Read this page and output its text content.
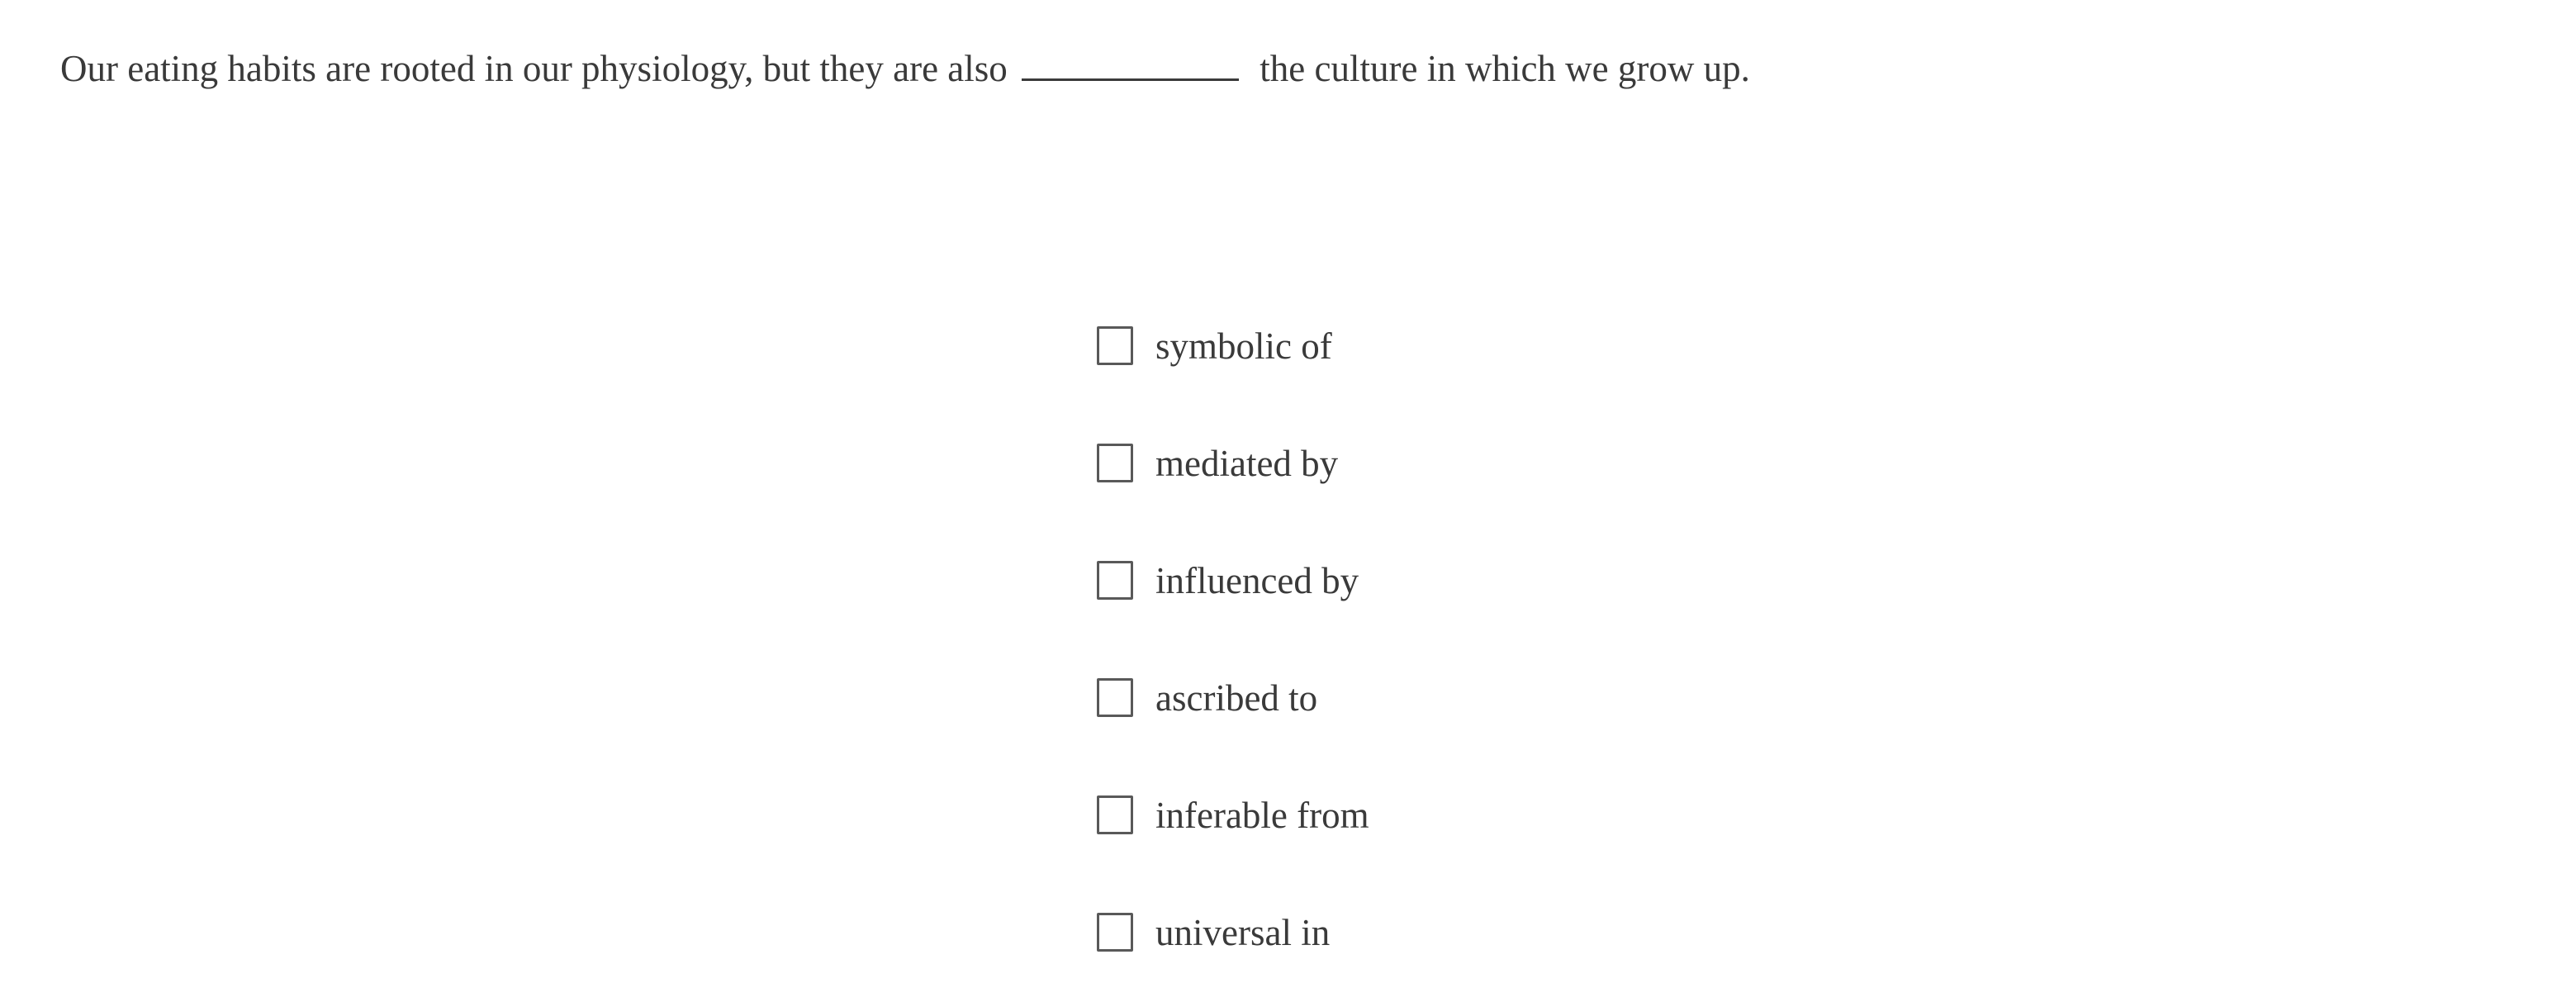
Our eating habits are rooted in our physiology, but they are also	the culture in which we grow up.
symbolic of
mediated by
influenced by
ascribed to
inferable from
universal in
